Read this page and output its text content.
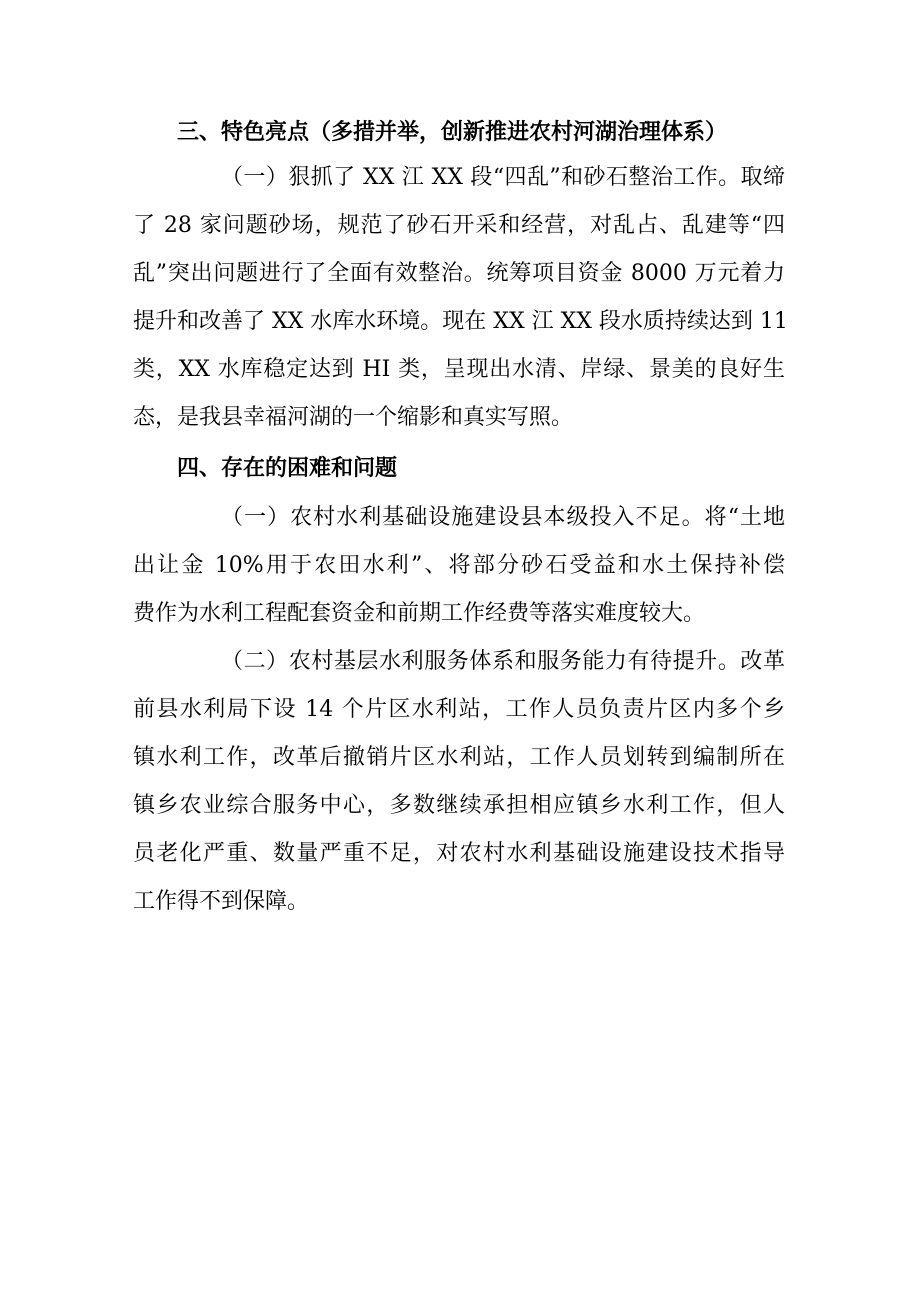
三、特色亮点（多措并举，创新推进农村河湖治理体系）
（一）狠抓了 XX 江 XX 段“四乱”和砂石整治工作。取缔
了 28 家问题砂场，规范了砂石开采和经营，对乱占、乱建等“四
乱”突出问题进行了全面有效整治。统筹项目资金 8000 万元着力
提升和改善了 XX 水库水环境。现在 XX 江 XX 段水质持续达到 11
类，XX 水库稳定达到 HI 类，呈现出水清、岸绿、景美的良好生
态，是我县幸福河湖的一个缩影和真实写照。
四、存在的困难和问题
（一）农村水利基础设施建设县本级投入不足。将“土地
出让金 10%用于农田水利”、将部分砂石受益和水土保持补偿
费作为水利工程配套资金和前期工作经费等落实难度较大。
（二）农村基层水利服务体系和服务能力有待提升。改革
前县水利局下设 14 个片区水利站，工作人员负责片区内多个乡
镇水利工作，改革后撤销片区水利站，工作人员划转到编制所在
镇乡农业综合服务中心，多数继续承担相应镇乡水利工作，但人
员老化严重、数量严重不足，对农村水利基础设施建设技术指导
工作得不到保障。
